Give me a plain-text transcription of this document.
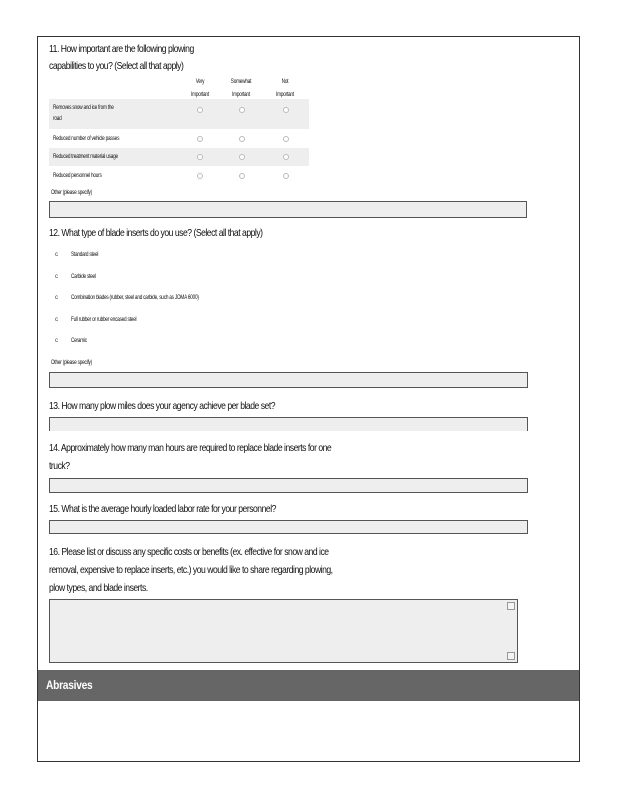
11. How important are the following plowing
capabilities to you? (Select all that apply)
Very
Important
Somewhat
Important
Not
Important
Removes snow and ice from the
road
Reduced number of vehicle passes
Reduced treatment material usage
Reduced personnel hours
Other (please specify)
12. What type of blade inserts do you use? (Select all that apply)
c Standard steel
c Carbide steel
c Combination blades (rubber, steel and carbide, such as JOMA 6000)
c Full rubber or rubber encased steel
c Ceramic
Other (please specify)
13. How many plow miles does your agency achieve per blade set?
14. Approximately how many man hours are required to replace blade inserts for one
truck?
15. What is the average hourly loaded labor rate for your personnel?
16. Please list or discuss any specific costs or benefits (ex. effective for snow and ice
removal, expensive to replace inserts, etc.) you would like to share regarding plowing,
plow types, and blade inserts.
Abrasives
